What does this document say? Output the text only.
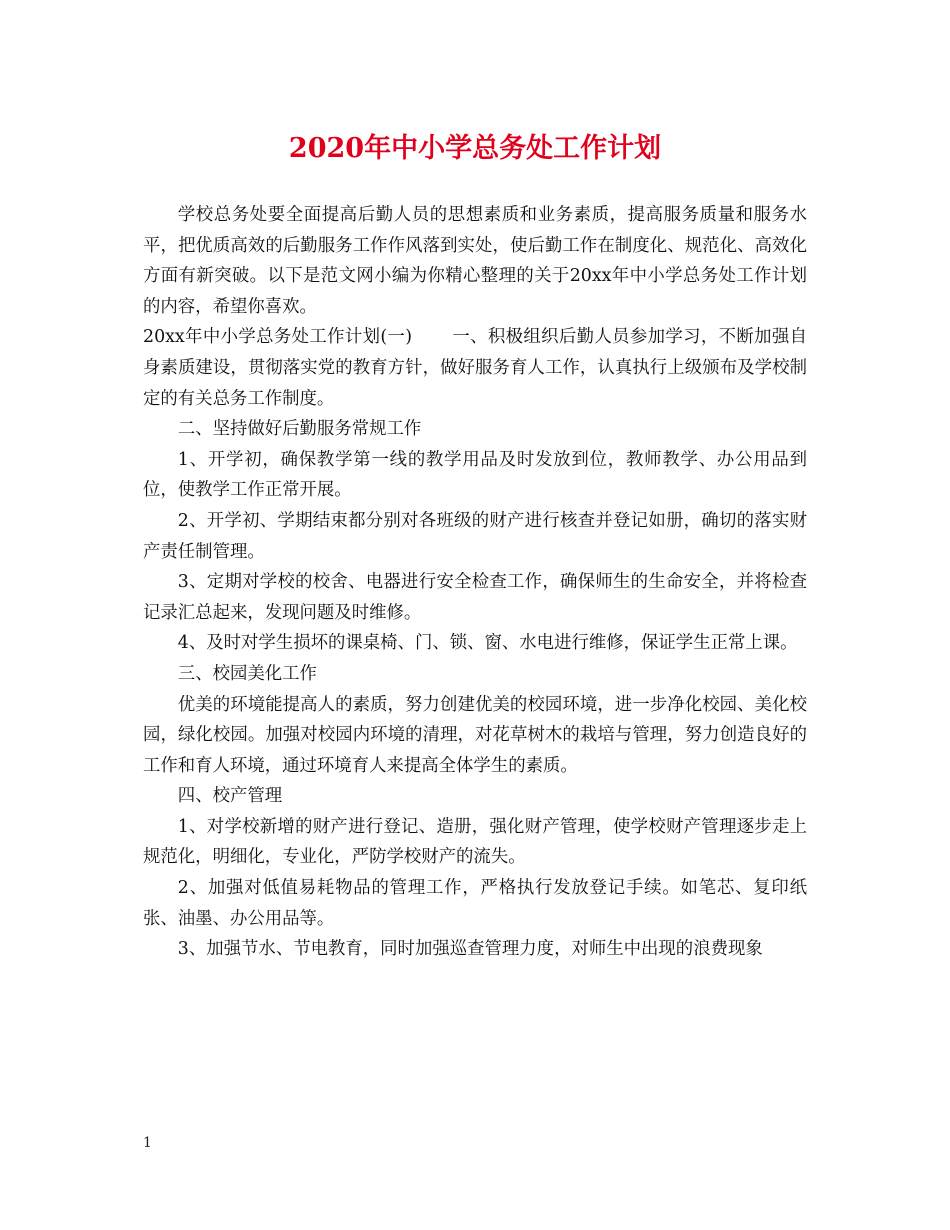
2020年中小学总务处工作计划

学校总务处要全面提高后勤人员的思想素质和业务素质，提高服务质量和服务水平，把优质高效的后勤服务工作作风落到实处，使后勤工作在制度化、规范化、高效化方面有新突破。以下是范文网小编为你精心整理的关于20xx年中小学总务处工作计划的内容，希望你喜欢。

20xx年中小学总务处工作计划(一) 一、积极组织后勤人员参加学习，不断加强自身素质建设，贯彻落实党的教育方针，做好服务育人工作，认真执行上级颁布及学校制定的有关总务工作制度。

二、坚持做好后勤服务常规工作

1、开学初，确保教学第一线的教学用品及时发放到位，教师教学、办公用品到位，使教学工作正常开展。

2、开学初、学期结束都分别对各班级的财产进行核查并登记如册，确切的落实财产责任制管理。

3、定期对学校的校舍、电器进行安全检查工作，确保师生的生命安全，并将检查记录汇总起来，发现问题及时维修。

4、及时对学生损坏的课桌椅、门、锁、窗、水电进行维修，保证学生正常上课。

三、校园美化工作

优美的环境能提高人的素质，努力创建优美的校园环境，进一步净化校园、美化校园，绿化校园。加强对校园内环境的清理，对花草树木的栽培与管理，努力创造良好的工作和育人环境，通过环境育人来提高全体学生的素质。

四、校产管理

1、对学校新增的财产进行登记、造册，强化财产管理，使学校财产管理逐步走上规范化，明细化，专业化，严防学校财产的流失。

2、加强对低值易耗物品的管理工作，严格执行发放登记手续。如笔芯、复印纸张、油墨、办公用品等。

3、加强节水、节电教育，同时加强巡查管理力度，对师生中出现的浪费现象

1
